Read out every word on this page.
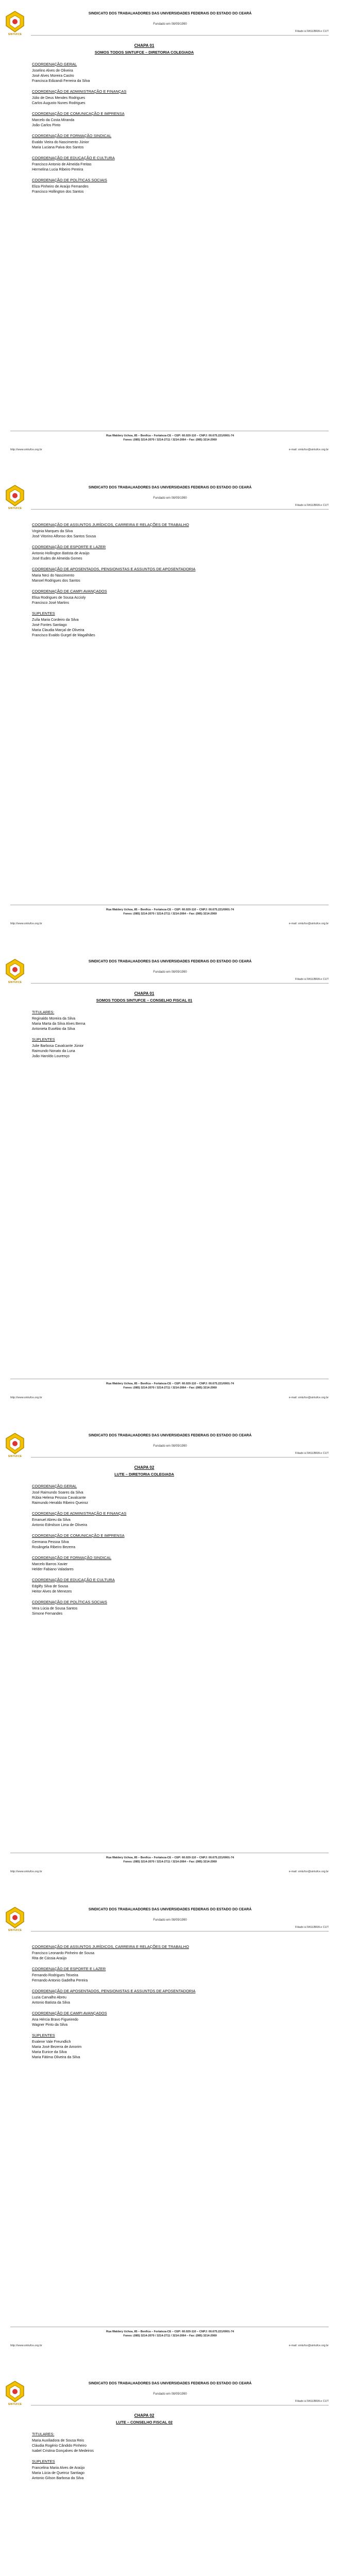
SINTUFCE
SINDICATO DOS TRABALHADORES DAS UNIVERSIDADES FEDERAIS DO ESTADO DO CEARÁ
Fundado em 08/09/1990
Filiado à FASUBRA e CUT
CHAPA 01
SOMOS TODOS SINTUFCE – DIRETORIA COLEGIADA
COORDENAÇÃO GERAL
Joselino Alves de Oliveira
José Alves Moreira Castro
Francisca Edizandi Ferreira da Silva
COORDENAÇÃO DE ADMINISTRAÇÃO E FINANÇAS
Júlio de Deus Mendes Rodrigues
Carlos Augusto Nunes Rodrigues
COORDENAÇÃO DE COMUNICAÇÃO E IMPRENSA
Marcelo da Costa Miranda
João Carlos Pinto
COORDENAÇÃO DE FORMAÇÃO SINDICAL
Evaldo Vieira do Nascimento Júnior
Maria Luciana Paiva dos Santos
COORDENAÇÃO DE EDUCAÇÃO E CULTURA
Francisco Antonio de Almeida Freitas
Hermelina Lucia Ribeiro Pereira
COORDENAÇÃO DE POLÍTICAS SOCIAIS
Eliza Pinheiro de Araújo Fernandes
Francisco Hollington dos Santos
Rua Waldery Uchoa, 85 – Benfica – Fortaleza-CE – CEP: 60.020-110 – CNPJ: 00.675.221/0001-74
Fones: (085) 3214-2070 / 3214-2711 / 3214-2064 – Fax: (085) 3214-2069
http://www.sintufce.org.br	e-mail: sintufce@sintufce.org.br
SINTUFCE
SINDICATO DOS TRABALHADORES DAS UNIVERSIDADES FEDERAIS DO ESTADO DO CEARÁ
Fundado em 08/09/1990
Filiado à FASUBRA e CUT
COORDENAÇÃO DE ASSUNTOS JURÍDICOS, CARREIRA E RELAÇÕES DE TRABALHO
Virginia Marques da Silva
José Vitorino Alfonso dos Santos Sousa
COORDENAÇÃO DE ESPORTE E LAZER
Antonio Hollington Batista de Araújo
José Eudes de Almeida Gomes
COORDENAÇÃO DE APOSENTADOS, PENSIONISTAS E ASSUNTOS DE APOSENTADORIA
Maria Neci do Nascimento
Manoel Rodrigues dos Santos
COORDENAÇÃO DE CAMPI AVANÇADOS
Elisa Rodrigues de Sousa Accioly
Francisco José Martins
SUPLENTES
Zuíla Maria Cordeiro da Silva
José Fontes Santiago
Maria Claudia Marçal de Oliveira
Francisco Evaldo Gurgel de Magalhães
Rua Waldery Uchoa, 85 – Benfica – Fortaleza-CE – CEP: 60.020-110 – CNPJ: 00.675.221/0001-74
Fones: (085) 3214-2070 / 3214-2711 / 3214-2064 – Fax: (085) 3214-2069
http://www.sintufce.org.br	e-mail: sintufce@sintufce.org.br
SINTUFCE
SINDICATO DOS TRABALHADORES DAS UNIVERSIDADES FEDERAIS DO ESTADO DO CEARÁ
Fundado em 08/09/1990
Filiado à FASUBRA e CUT
CHAPA 01
SOMOS TODOS SINTUFCE – CONSELHO FISCAL 01
TITULARES:
Reginaldo Moreira da Silva
Maria Marta da Silva Alves Berna
Antonieta Eusébio da Silva
SUPLENTES
Julie Barbosa Cavalcante Júnior
Raimundo Nonato da Luna
João Haroldo Lourenço
Rua Waldery Uchoa, 85 – Benfica – Fortaleza-CE – CEP: 60.020-110 – CNPJ: 00.675.221/0001-74
Fones: (085) 3214-2070 / 3214-2711 / 3214-2064 – Fax: (085) 3214-2069
http://www.sintufce.org.br	e-mail: sintufce@sintufce.org.br
SINTUFCE
SINDICATO DOS TRABALHADORES DAS UNIVERSIDADES FEDERAIS DO ESTADO DO CEARÁ
Fundado em 08/09/1990
Filiado à FASUBRA e CUT
CHAPA 02
LUTE – DIRETORIA COLEGIADA
COORDENAÇÃO GERAL
José Raimundo Soares da Silva
Rúbia Helena Pessoa Cavalcante
Raimundo Heraldo Ribeiro Queiroz
COORDENAÇÃO DE ADMINISTRAÇÃO E FINANÇAS
Emanuel Abreu da Silva
Antonio Edmilson Lima de Oliveira
COORDENAÇÃO DE COMUNICAÇÃO E IMPRENSA
Germana Pessoa Silva
Rosângela Ribeiro Bezerra
COORDENAÇÃO DE FORMAÇÃO SINDICAL
Marcelo Barros Xavier
Helder Fabiano Valadares
COORDENAÇÃO DE EDUCAÇÃO E CULTURA
Edglêy Silva de Sousa
Heitor Alves de Menezes
COORDENAÇÃO DE POLÍTICAS SOCIAIS
Vera Lúcia de Sousa Santos
Simone Fernandes
Rua Waldery Uchoa, 85 – Benfica – Fortaleza-CE – CEP: 60.020-110 – CNPJ: 00.675.221/0001-74
Fones: (085) 3214-2070 / 3214-2711 / 3214-2064 – Fax: (085) 3214-2069
http://www.sintufce.org.br	e-mail: sintufce@sintufce.org.br
SINTUFCE
SINDICATO DOS TRABALHADORES DAS UNIVERSIDADES FEDERAIS DO ESTADO DO CEARÁ
Fundado em 08/09/1990
Filiado à FASUBRA e CUT
COORDENAÇÃO DE ASSUNTOS JURÍDICOS, CARREIRA E RELAÇÕES DE TRABALHO
Francisco Leonardo Pinheiro de Sousa
Rita de Cássia Araújo
COORDENAÇÃO DE ESPORTE E LAZER
Fernando Rodrigues Teixeira
Fernando Antonio Gadelha Pereira
COORDENAÇÃO DE APOSENTADOS, PENSIONISTAS E ASSUNTOS DE APOSENTADORIA
Luzia Carvalho Abreu
Antonio Batista da Silva
COORDENAÇÃO DE CAMPI AVANÇADOS
Ana Hércia Bravo Figueiredo
Wagner Pinto da Silva
SUPLENTES
Evalene Vale Freundlich
Maria José Bezerra de Amorim
Maria Eunice da Silva
Maria Fátima Oliveira da Silva
Rua Waldery Uchoa, 85 – Benfica – Fortaleza-CE – CEP: 60.020-110 – CNPJ: 00.675.221/0001-74
Fones: (085) 3214-2070 / 3214-2711 / 3214-2064 – Fax: (085) 3214-2069
http://www.sintufce.org.br	e-mail: sintufce@sintufce.org.br
SINTUFCE
SINDICATO DOS TRABALHADORES DAS UNIVERSIDADES FEDERAIS DO ESTADO DO CEARÁ
Fundado em 08/09/1990
Filiado à FASUBRA e CUT
CHAPA 02
LUTE – CONSELHO FISCAL 02
TITULARES:
Maria Auxiliadora de Sousa Reis
Cláudia Rogério Cândido Pinheiro
Isabel Cristina Gonçalves de Medeiros
SUPLENTES
Francelina Maria Alves de Araújo
Maria Lúcia de Queiroz Santiago
Antonio Gilson Barbosa da Silva
